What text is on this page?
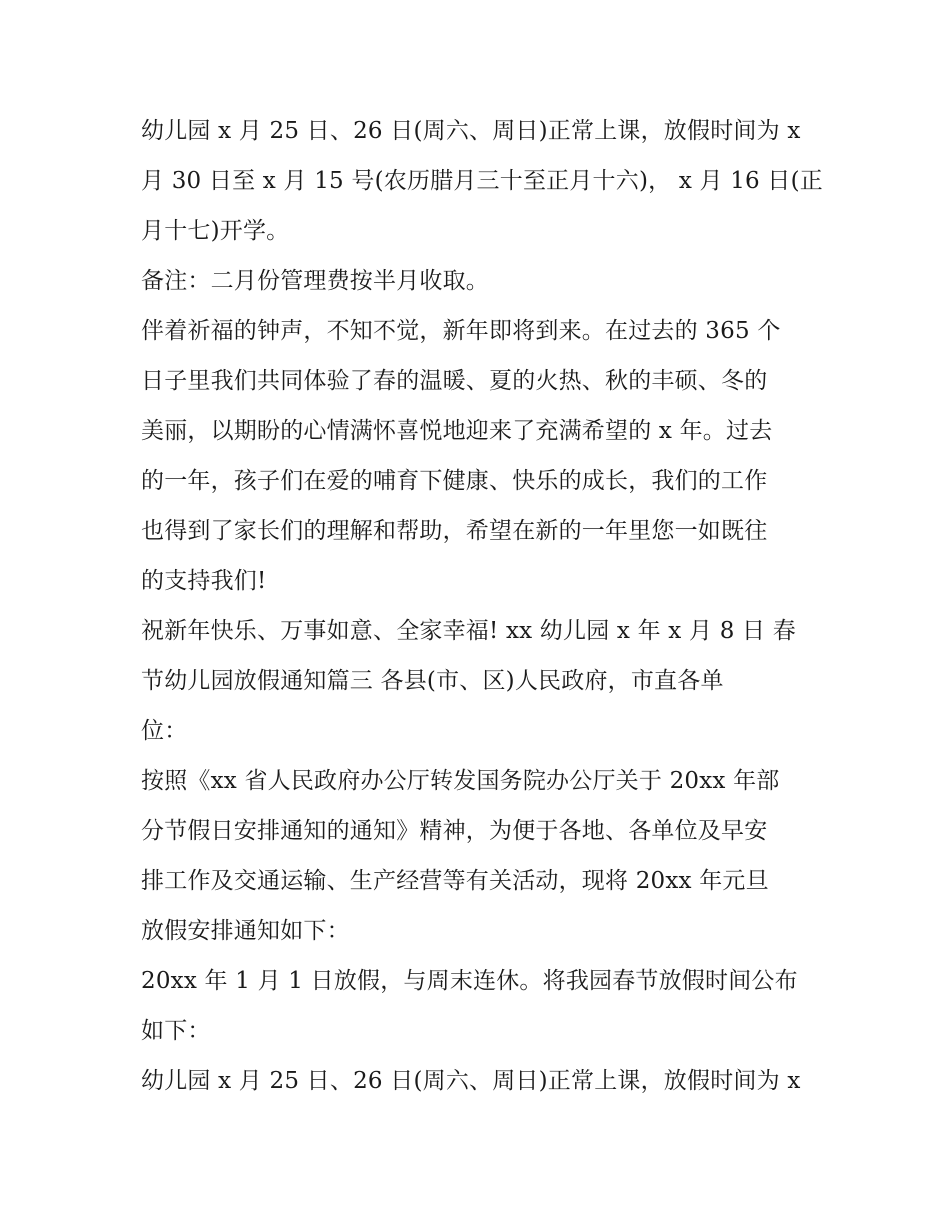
幼儿园 x 月 25 日、26 日(周六、周日)正常上课，放假时间为 x
月 30 日至 x 月 15 号(农历腊月三十至正月十六)， x 月 16 日(正
月十七)开学。
备注：二月份管理费按半月收取。
伴着祈福的钟声，不知不觉，新年即将到来。在过去的 365 个
日子里我们共同体验了春的温暖、夏的火热、秋的丰硕、冬的
美丽，以期盼的心情满怀喜悦地迎来了充满希望的 x 年。过去
的一年，孩子们在爱的哺育下健康、快乐的成长，我们的工作
也得到了家长们的理解和帮助，希望在新的一年里您一如既往
的支持我们!
祝新年快乐、万事如意、全家幸福! xx 幼儿园 x 年 x 月 8 日 春
节幼儿园放假通知篇三 各县(市、区)人民政府，市直各单
位：
按照《xx 省人民政府办公厅转发国务院办公厅关于 20xx 年部
分节假日安排通知的通知》精神，为便于各地、各单位及早安
排工作及交通运输、生产经营等有关活动，现将 20xx 年元旦
放假安排通知如下：
20xx 年 1 月 1 日放假，与周末连休。将我园春节放假时间公布
如下：
幼儿园 x 月 25 日、26 日(周六、周日)正常上课，放假时间为 x
